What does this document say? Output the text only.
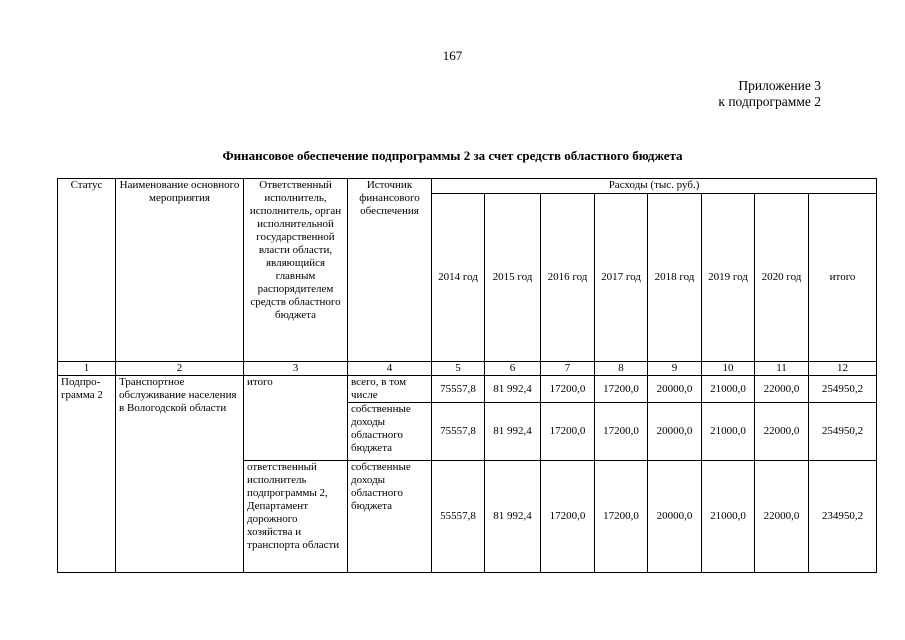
167
Приложение 3
к подпрограмме 2
Финансовое обеспечение подпрограммы 2 за счет средств областного бюджета
Статус	Наименование основного мероприятия	Ответственный исполнитель, исполнитель, орган исполнительной государственной власти области, являющийся главным распорядителем средств областного бюджета	Источник финансового обеспечения	Расходы (тыс. руб.)							
				2014 год	2015 год	2016 год	2017 год	2018 год	2019 год	2020 год	итого
1	2	3	4	5	6	7	8	9	10	11	12
Подпро-грамма 2	Транспортное обслуживание населения в Вологодской области	итого	всего, в том числе	75557,8	81 992,4	17200,0	17200,0	20000,0	21000,0	22000,0	254950,2
			собственные доходы областного бюджета	75557,8	81 992,4	17200,0	17200,0	20000,0	21000,0	22000,0	254950,2
		ответственный исполнитель подпрограммы 2, Департамент дорожного хозяйства и транспорта области	собственные доходы областного бюджета	55557,8	81 992,4	17200,0	17200,0	20000,0	21000,0	22000,0	234950,2
